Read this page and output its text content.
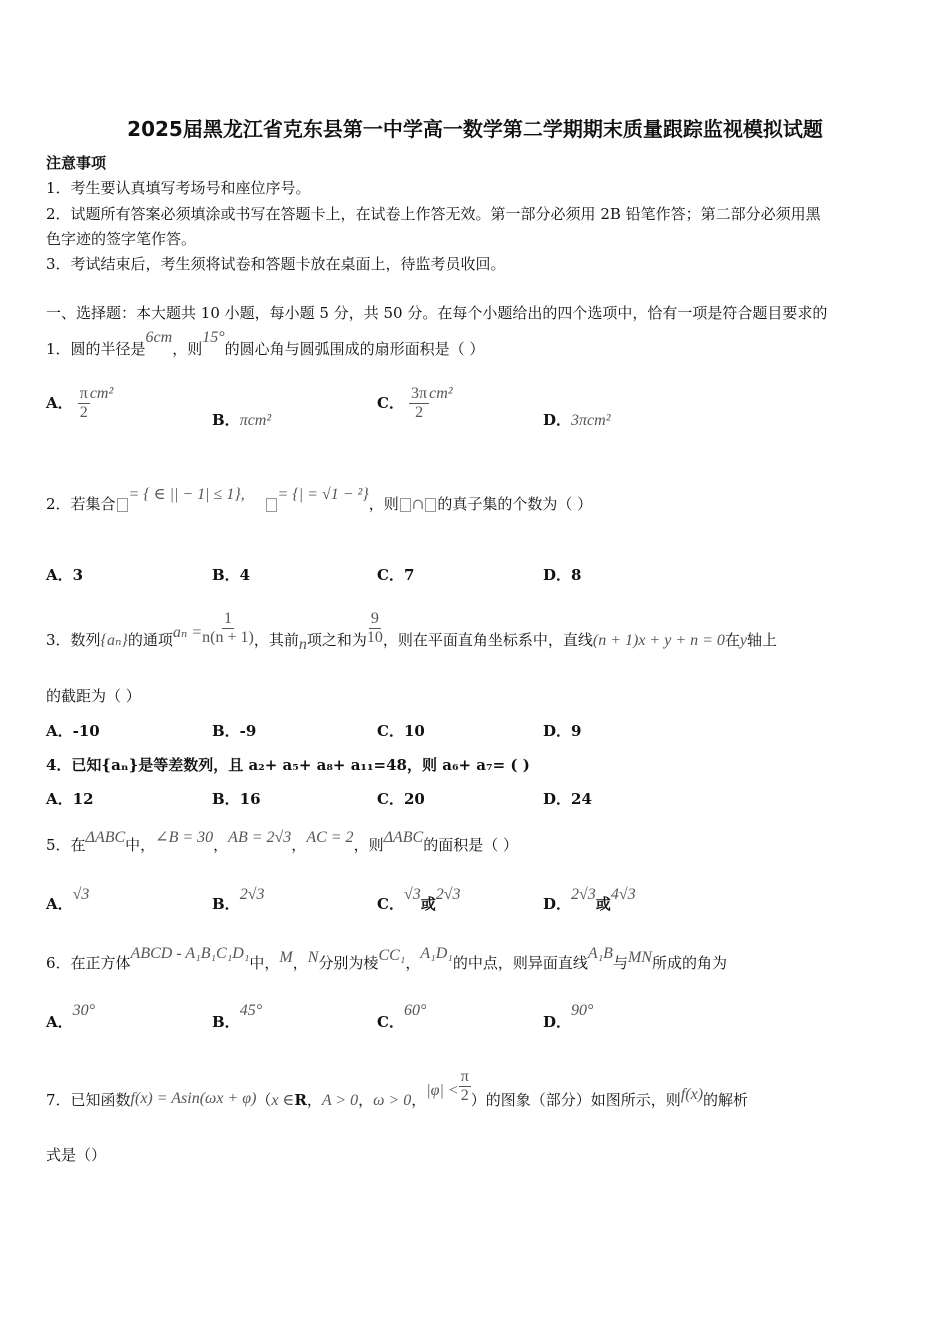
2025届黑龙江省克东县第一中学高一数学第二学期期末质量跟踪监视模拟试题
注意事项
1．考生要认真填写考场号和座位序号。
2．试题所有答案必须填涂或书写在答题卡上，在试卷上作答无效。第一部分必须用 2B 铅笔作答；第二部分必须用黑
色字迹的签字笔作答。
3．考试结束后，考生须将试卷和答题卡放在桌面上，待监考员收回。
一、选择题：本大题共 10 小题，每小题 5 分，共 50 分。在每个小题给出的四个选项中，恰有一项是符合题目要求的
1．圆的半径是6cm，则15°的圆心角与圆弧围成的扇形面积是（ ）
A． $\frac{\pi}{2} cm^2$
B．πcm²
C． $\frac{3\pi}{2} cm^2$
D．3πcm²
2．若集合= { ∈ || − 1| ≤ 1}, = {| = √1 − ²}，则 ∩ 的真子集的个数为（ ）
A．3	B．4	C．7	D．8
3．数列{aₙ}的通项$a_n = \frac{1}{n(n + 1)}$ ，其前n项之和为 $\frac{9}{10}$ ，则在平面直角坐标系中，直线(n + 1)x + y + n = 0在y轴上
的截距为（ ）
A．-10	B．-9	C．10	D．9
4．已知{aₙ}是等差数列，且 a₂+ a₅+ a₈+ a₁₁=48，则 a₆+ a₇= ( )
A．12	B．16	C．20	D．24
5．在ΔABC中，∠B = 30，AB = 2√3，AC = 2，则ΔABC的面积是（ ）
A．√3
B．2√3
C．√3或2√3
D．2√3或4√3
6．在正方体ABCD - A₁B₁C₁D₁中，M，N分别为棱CC₁，A₁D₁的中点，则异面直线A₁B与MN所成的角为
A．30°
B．45°
C．60°
D．90°
7．已知函数f(x) = Asin(ωx + φ)（x ∈R，A > 0，ω > 0，$|\varphi| < \frac{\pi}{2}$ ）的图象（部分）如图所示，则f(x)的解析
式是（）
